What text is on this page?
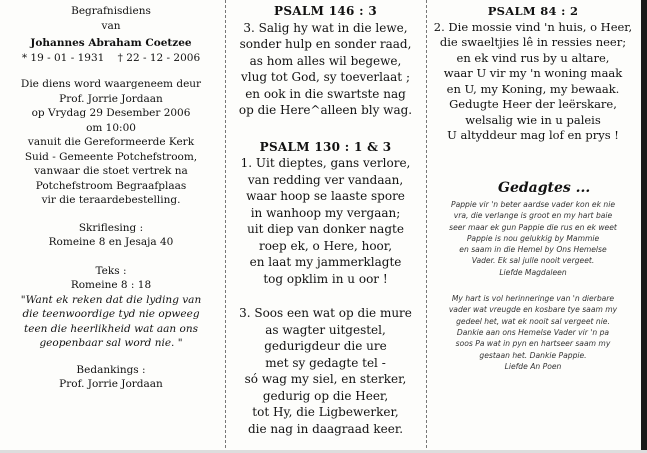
Begrafnisdiens
van
Johannes Abraham Coetzee
* 19 - 01 - 1931 † 22 - 12 - 2006
Die diens word waargeneem deur
Prof. Jorrie Jordaan
op Vrydag 29 Desember 2006
om 10:00
vanuit die Gereformeerde Kerk
Suid - Gemeente Potchefstroom,
vanwaar die stoet vertrek na
Potchefstroom Begraafplaas
vir die teraardebestelling.
Skriflesing :
Romeine 8 en Jesaja 40
Teks :
Romeine 8 : 18
"Want ek reken dat die lyding van
die teenwoordige tyd nie opweeg
teen die heerlikheid wat aan ons
geopenbaar sal word nie. "
Bedankings :
Prof. Jorrie Jordaan
PSALM 146 : 3
3. Salig hy wat in die lewe,
sonder hulp en sonder raad,
as hom alles wil begewe,
vlug tot God, sy toeverlaat ;
en ook in die swartste nag
op die Here^alleen bly wag.
PSALM 130 : 1 & 3
1. Uit dieptes, gans verlore,
van redding ver vandaan,
waar hoop se laaste spore
in wanhoop my vergaan;
uit diep van donker nagte
roep ek, o Here, hoor,
en laat my jammerklagte
tog opklim in u oor !
3. Soos een wat op die mure
as wagter uitgestel,
gedurigdeur die ure
met sy gedagte tel -
só wag my siel, en sterker,
gedurig op die Heer,
tot Hy, die Ligbewerker,
die nag in daagraad keer.
PSALM 84 : 2
2. Die mossie vind 'n huis, o Heer,
die swaeltjies lê in ressies neer;
en ek vind rus by u altare,
waar U vir my 'n woning maak
en U, my Koning, my bewaak.
Gedugte Heer der leërskare,
welsalig wie in u paleis
U altyddeur mag lof en prys !
Gedagtes ...
Pappie vir 'n beter aardse vader kon ek nie
vra, die verlange is groot en my hart baie
seer maar ek gun Pappie die rus en ek weet
Pappie is nou gelukkig by Mammie
en saam in die Hemel by Ons Hemelse
Vader. Ek sal julle nooit vergeet.
Liefde Magdaleen
My hart is vol herinneringe van 'n dierbare
vader wat vreugde en kosbare tye saam my
gedeel het, wat ek nooit sal vergeet nie.
Dankie aan ons Hemelse Vader vir 'n pa
soos Pa wat in pyn en hartseer saam my
gestaan het. Dankie Pappie.
Liefde An Poen
